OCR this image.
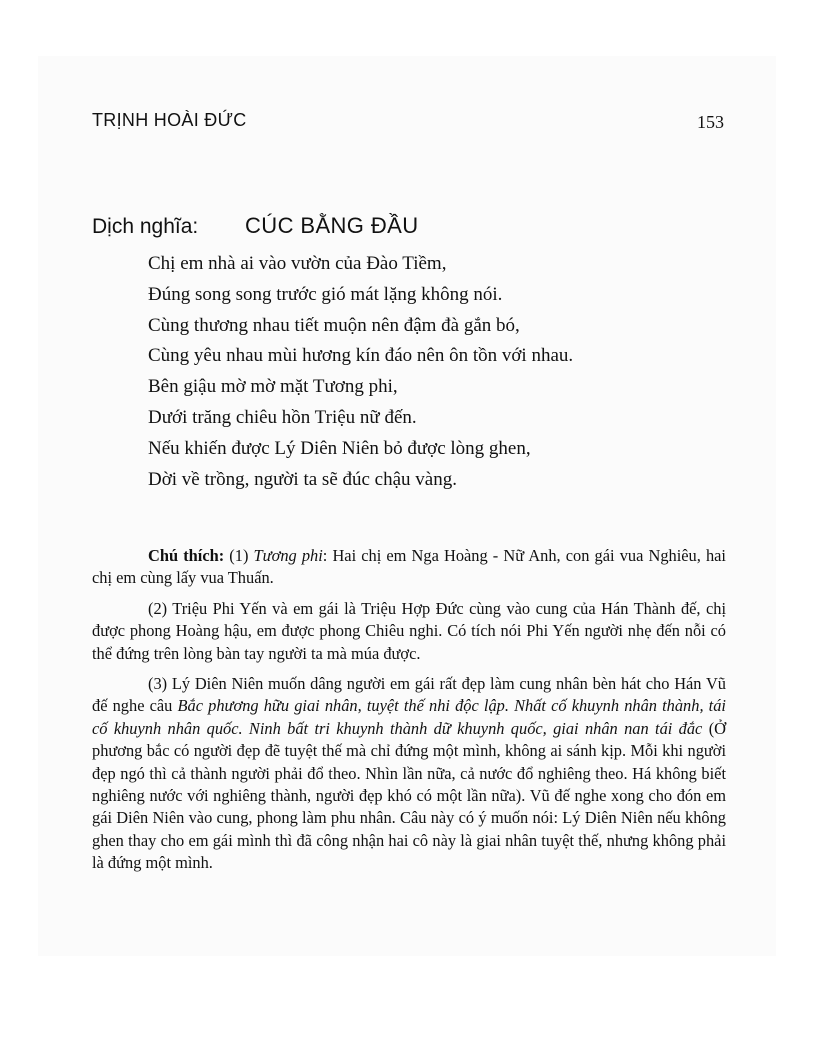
TRỊNH HOÀI ĐỨC	153
Dịch nghĩa: CÚC BẰNG ĐẦU
Chị em nhà ai vào vườn của Đào Tiềm,
Đúng song song trước gió mát lặng không nói.
Cùng thương nhau tiết muộn nên đậm đà gắn bó,
Cùng yêu nhau mùi hương kín đáo nên ôn tồn với nhau.
Bên giậu mờ mờ mặt Tương phi,
Dưới trăng chiêu hồn Triệu nữ đến.
Nếu khiến được Lý Diên Niên bỏ được lòng ghen,
Dời về trồng, người ta sẽ đúc chậu vàng.

Chú thích: (1) Tương phi: Hai chị em Nga Hoàng - Nữ Anh, con gái vua Nghiêu, hai chị em cùng lấy vua Thuấn.

(2) Triệu Phi Yến và em gái là Triệu Hợp Đức cùng vào cung của Hán Thành đế, chị được phong Hoàng hậu, em được phong Chiêu nghi. Có tích nói Phi Yến người nhẹ đến nỗi có thể đứng trên lòng bàn tay người ta mà múa được.

(3) Lý Diên Niên muốn dâng người em gái rất đẹp làm cung nhân bèn hát cho Hán Vũ đế nghe câu Bắc phương hữu giai nhân, tuyệt thế nhi độc lập. Nhất cố khuynh nhân thành, tái cố khuynh nhân quốc. Ninh bất tri khuynh thành dữ khuynh quốc, giai nhân nan tái đắc (Ở phương bắc có người đẹp đẽ tuyệt thế mà chỉ đứng một mình, không ai sánh kịp. Mỗi khi người đẹp ngó thì cả thành người phải đổ theo. Nhìn lần nữa, cả nước đổ nghiêng theo. Há không biết nghiêng nước với nghiêng thành, người đẹp khó có một lần nữa). Vũ đế nghe xong cho đón em gái Diên Niên vào cung, phong làm phu nhân. Câu này có ý muốn nói: Lý Diên Niên nếu không ghen thay cho em gái mình thì đã công nhận hai cô này là giai nhân tuyệt thế, nhưng không phải là đứng một mình.
